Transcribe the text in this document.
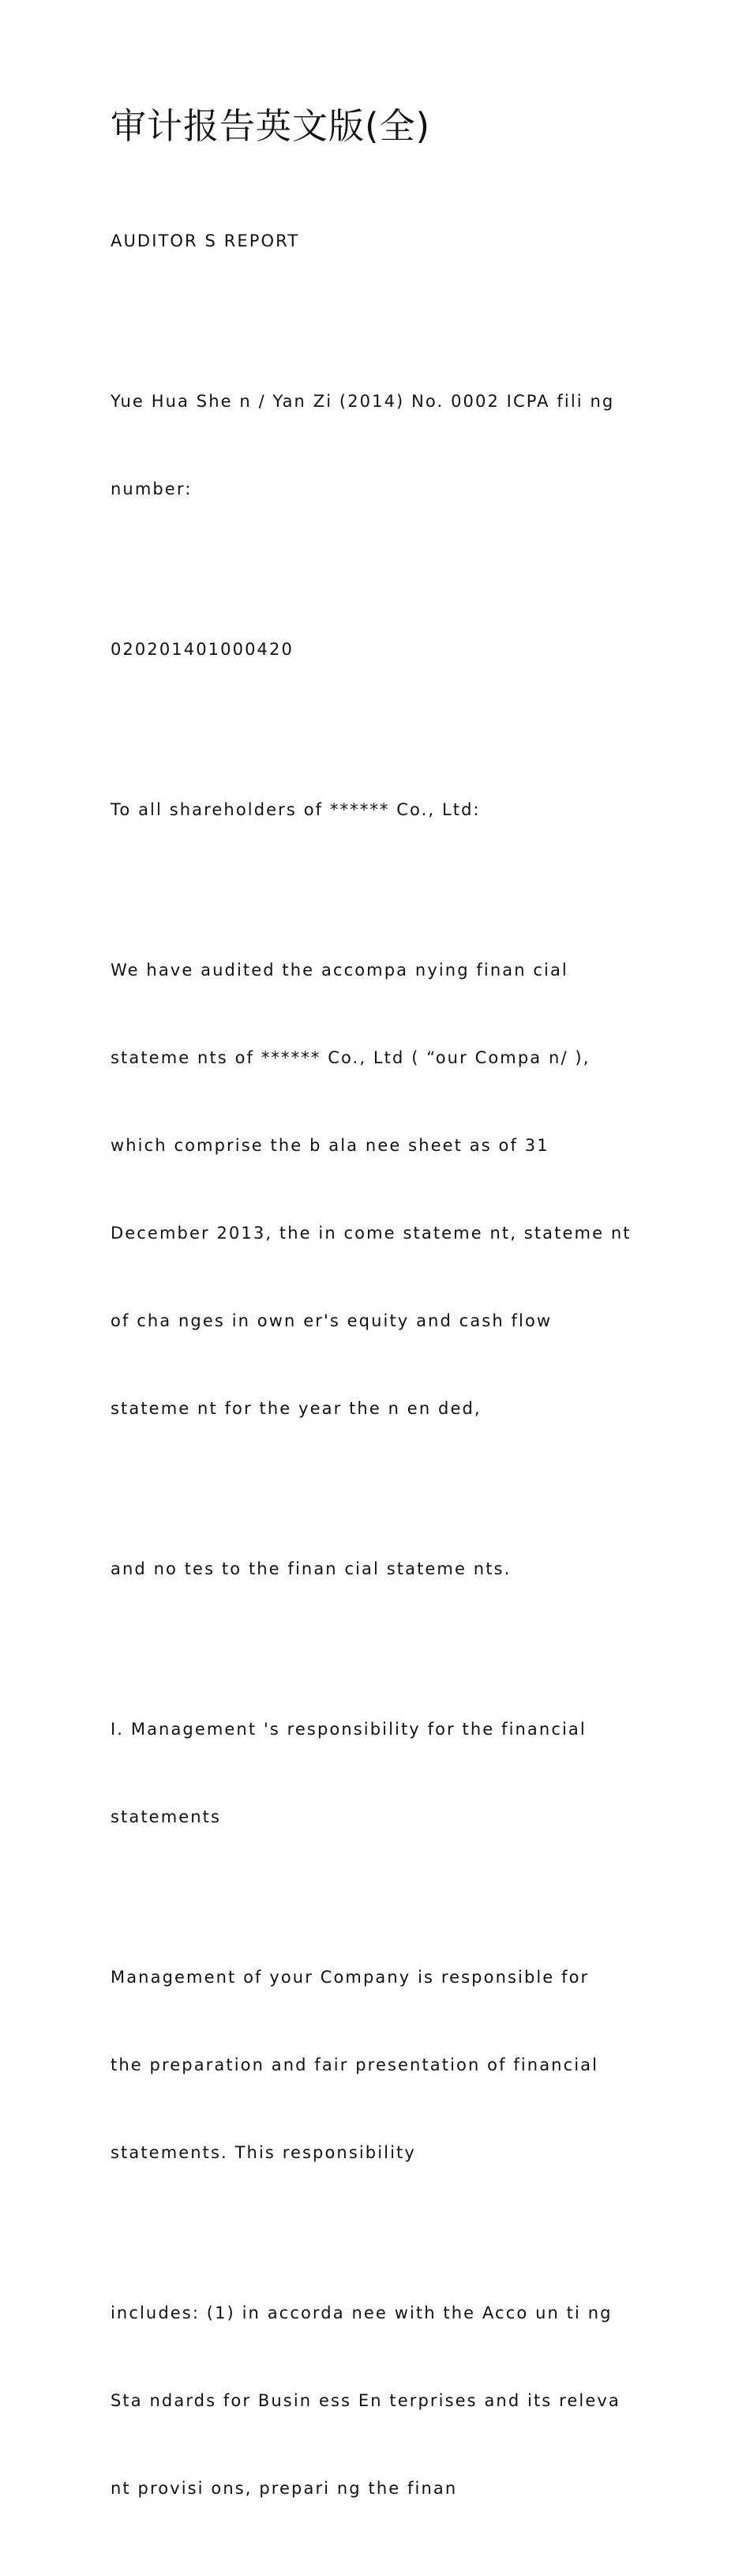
审计报告英文版(全)

AUDITOR S REPORT

Yue Hua She n / Yan Zi (2014) No. 0002 ICPA fili ng

number:

020201401000420

To all shareholders of ****** Co., Ltd:

We have audited the accompa nying finan cial

stateme nts of ****** Co., Ltd ( “our Compa n/ ),

which comprise the b ala nee sheet as of 31

December 2013, the in come stateme nt, stateme nt

of cha nges in own er's equity and cash flow

stateme nt for the year the n en ded,

and no tes to the finan cial stateme nts.

I. Management 's responsibility for the financial

statements

Management of your Company is responsible for

the preparation and fair presentation of financial

statements. This responsibility

includes: (1) in accorda nee with the Acco un ti ng

Sta ndards for Busin ess En terprises and its releva

nt provisi ons, prepari ng the finan
